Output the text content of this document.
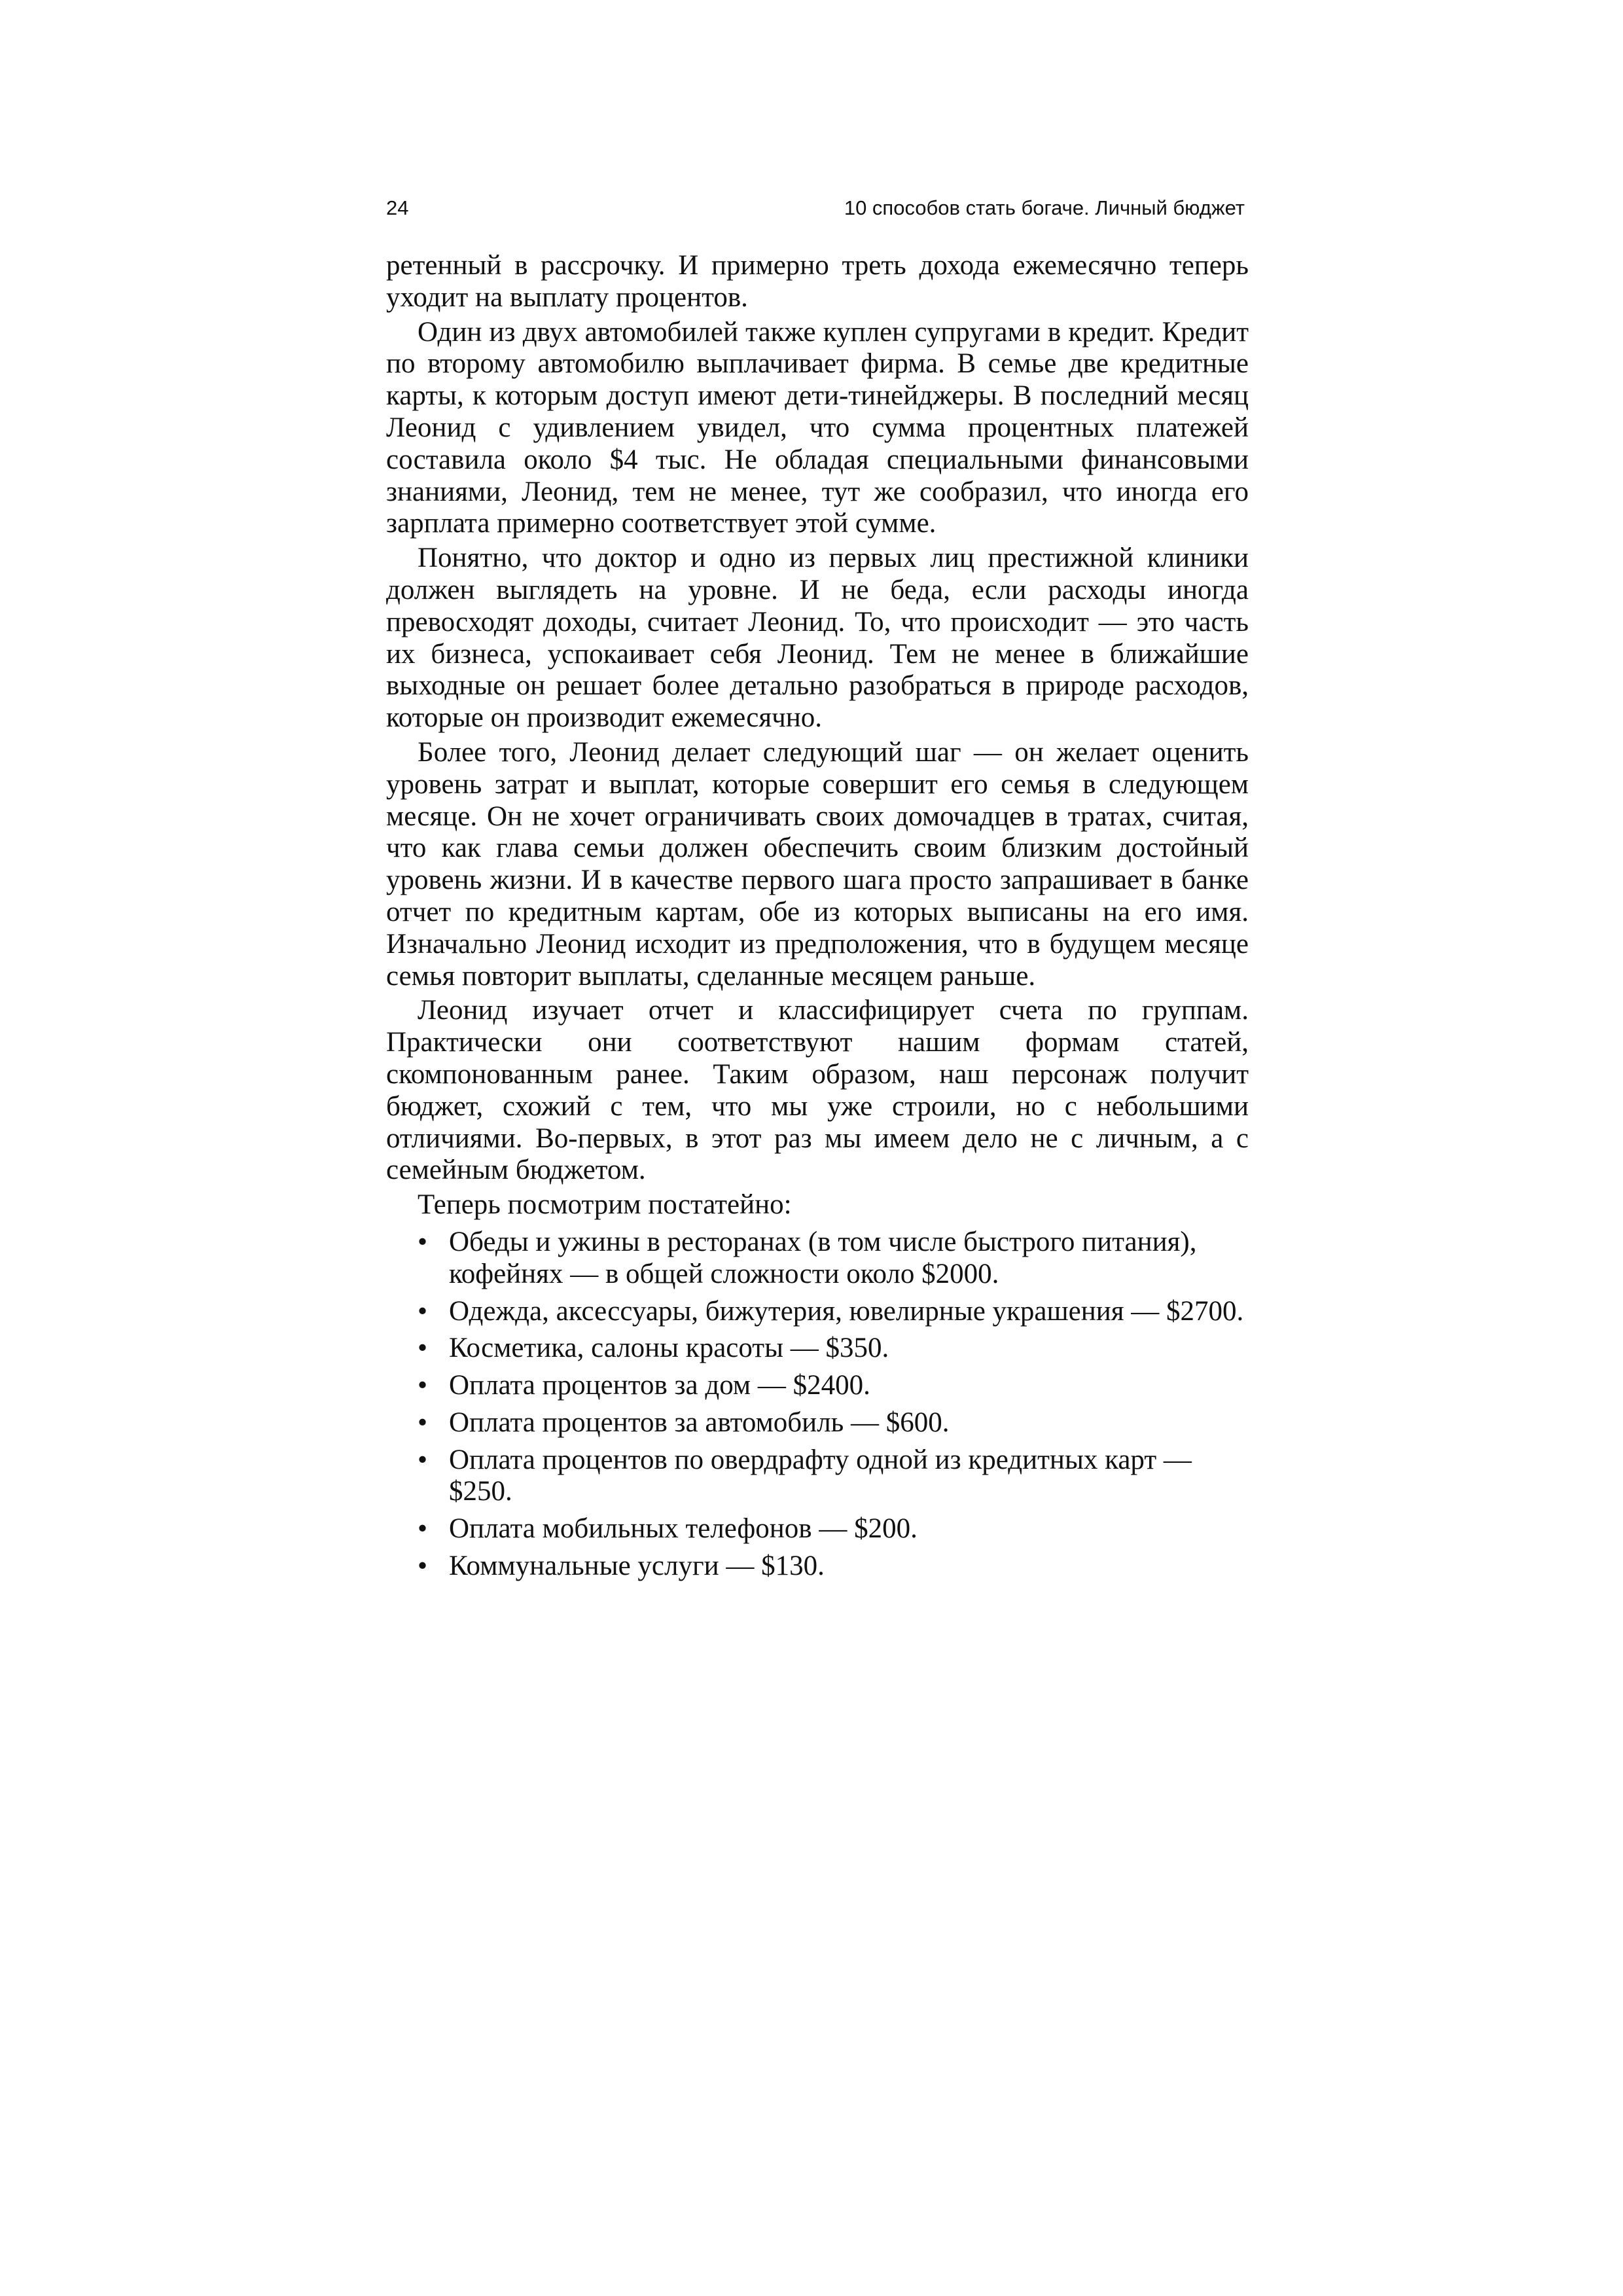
24	10 способов стать богаче. Личный бюджет

ретенный в рассрочку. И примерно треть дохода ежемесячно теперь уходит на выплату процентов.

Один из двух автомобилей также куплен супругами в кредит. Кредит по второму автомобилю выплачивает фирма. В семье две кредитные карты, к которым доступ имеют дети-тинейджеры. В последний месяц Леонид с удивлением увидел, что сумма процентных платежей составила около $4 тыс. Не обладая специальными финансовыми знаниями, Леонид, тем не менее, тут же сообразил, что иногда его зарплата примерно соответствует этой сумме.

Понятно, что доктор и одно из первых лиц престижной клиники должен выглядеть на уровне. И не беда, если расходы иногда превосходят доходы, считает Леонид. То, что происходит — это часть их бизнеса, успокаивает себя Леонид. Тем не менее в ближайшие выходные он решает более детально разобраться в природе расходов, которые он производит ежемесячно.

Более того, Леонид делает следующий шаг — он желает оценить уровень затрат и выплат, которые совершит его семья в следующем месяце. Он не хочет ограничивать своих домочадцев в тратах, считая, что как глава семьи должен обеспечить своим близким достойный уровень жизни. И в качестве первого шага просто запрашивает в банке отчет по кредитным картам, обе из которых выписаны на его имя. Изначально Леонид исходит из предположения, что в будущем месяце семья повторит выплаты, сделанные месяцем раньше.

Леонид изучает отчет и классифицирует счета по группам. Практически они соответствуют нашим формам статей, скомпонованным ранее. Таким образом, наш персонаж получит бюджет, схожий с тем, что мы уже строили, но с небольшими отличиями. Во-первых, в этот раз мы имеем дело не с личным, а с семейным бюджетом.

Теперь посмотрим постатейно:

•
Обеды и ужины в ресторанах (в том числе быстрого питания), кофейнях — в общей сложности около $2000.
•Одежда, аксессуары, бижутерия, ювелирные украшения — $2700.
•
Косметика, салоны красоты — $350.
•
Оплата процентов за дом — $2400.
•
Оплата процентов за автомобиль — $600.
•
Оплата процентов по овердрафту одной из кредитных карт — $250.
•
Оплата мобильных телефонов — $200.
•
Коммунальные услуги — $130.
